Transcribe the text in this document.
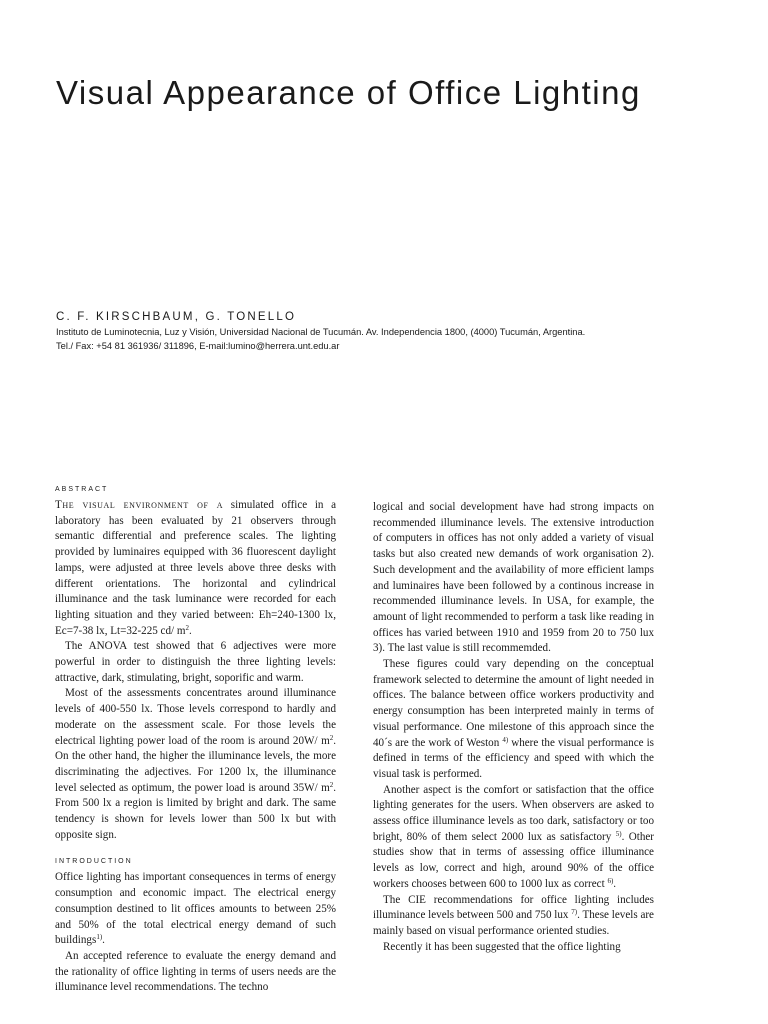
Visual Appearance of Office Lighting
C. F. KIRSCHBAUM, G. TONELLO
Instituto de Luminotecnia, Luz y Visión, Universidad Nacional de Tucumán. Av. Independencia 1800, (4000) Tucumán, Argentina.
Tel./ Fax: +54 81 361936/ 311896, E-mail:lumino@herrera.unt.edu.ar
ABSTRACT

The visual environment of a simulated office in a laboratory has been evaluated by 21 observers through semantic differential and preference scales. The lighting provided by luminaires equipped with 36 fluorescent daylight lamps, were adjusted at three levels above three desks with different orientations. The horizontal and cylindrical illuminance and the task luminance were recorded for each lighting situation and they varied between: Eh=240-1300 lx, Ec=7-38 lx, Lt=32-225 cd/ $m^2$.

The ANOVA test showed that 6 adjectives were more powerful in order to distinguish the three lighting levels: attractive, dark, stimulating, bright, soporific and warm.

Most of the assessments concentrates around illuminance levels of 400-550 lx. Those levels correspond to hardly and moderate on the assessment scale. For those levels the electrical lighting power load of the room is around 20W/ $m^2$. On the other hand, the higher the illuminance levels, the more discriminating the adjectives. For 1200 lx, the illuminance level selected as optimum, the power load is around 35W/ $m^2$. From 500 lx a region is limited by bright and dark. The same tendency is shown for levels lower than 500 lx but with opposite sign.

INTRODUCTION

Office lighting has important consequences in terms of energy consumption and economic impact. The electrical energy consumption destined to lit offices amounts to between 25% and 50% of the total electrical energy demand of such buildings$^{1)}$.

An accepted reference to evaluate the energy demand and the rationality of office lighting in terms of users needs are the illuminance level recommendations. The techno

logical and social development have had strong impacts on recommended illuminance levels. The extensive introduction of computers in offices has not only added a variety of visual tasks but also created new demands of work organisation 2). Such development and the availability of more efficient lamps and luminaires have been followed by a continous increase in recommended illuminance levels. In USA, for example, the amount of light recommended to perform a task like reading in offices has varied between 1910 and 1959 from 20 to 750 lux 3). The last value is still recommemded.

These figures could vary depending on the conceptual framework selected to determine the amount of light needed in offices. The balance between office workers productivity and energy consumption has been interpreted mainly in terms of visual performance. One milestone of this approach since the 40´s are the work of Weston $^{4)}$ where the visual performance is defined in terms of the efficiency and speed with which the visual task is performed.

Another aspect is the comfort or satisfaction that the office lighting generates for the users. When observers are asked to assess office illuminance levels as too dark, satisfactory or too bright, 80% of them select 2000 lux as satisfactory $^{5)}$. Other studies show that in terms of assessing office illuminance levels as low, correct and high, around 90% of the office workers chooses between 600 to 1000 lux as correct $^{6)}$.

The CIE recommendations for office lighting includes illuminance levels between 500 and 750 lux $^{7)}$. These levels are mainly based on visual performance oriented studies.

Recently it has been suggested that the office lighting
